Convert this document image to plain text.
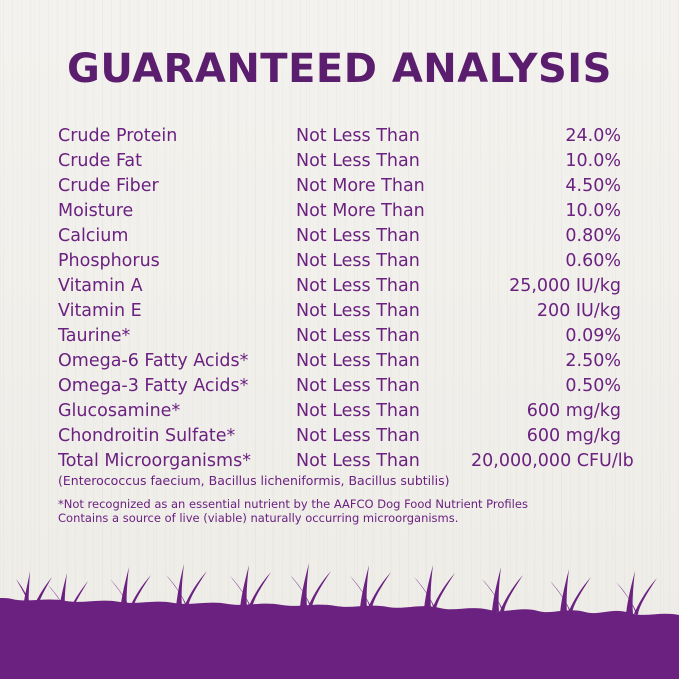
GUARANTEED ANALYSIS
Crude Protein	Not Less Than	24.0%
Crude Fat	Not Less Than	10.0%
Crude Fiber	Not More Than	4.50%
Moisture	Not More Than	10.0%
Calcium	Not Less Than	0.80%
Phosphorus	Not Less Than	0.60%
Vitamin A	Not Less Than	25,000 IU/kg
Vitamin E	Not Less Than	200 IU/kg
Taurine*	Not Less Than	0.09%
Omega-6 Fatty Acids*	Not Less Than	2.50%
Omega-3 Fatty Acids*	Not Less Than	0.50%
Glucosamine*	Not Less Than	600 mg/kg
Chondroitin Sulfate*	Not Less Than	600 mg/kg
Total Microorganisms*	Not Less Than	20,000,000 CFU/lb
(Enterococcus faecium, Bacillus licheniformis, Bacillus subtilis)
*Not recognized as an essential nutrient by the AAFCO Dog Food Nutrient Profiles
Contains a source of live (viable) naturally occurring microorganisms.
